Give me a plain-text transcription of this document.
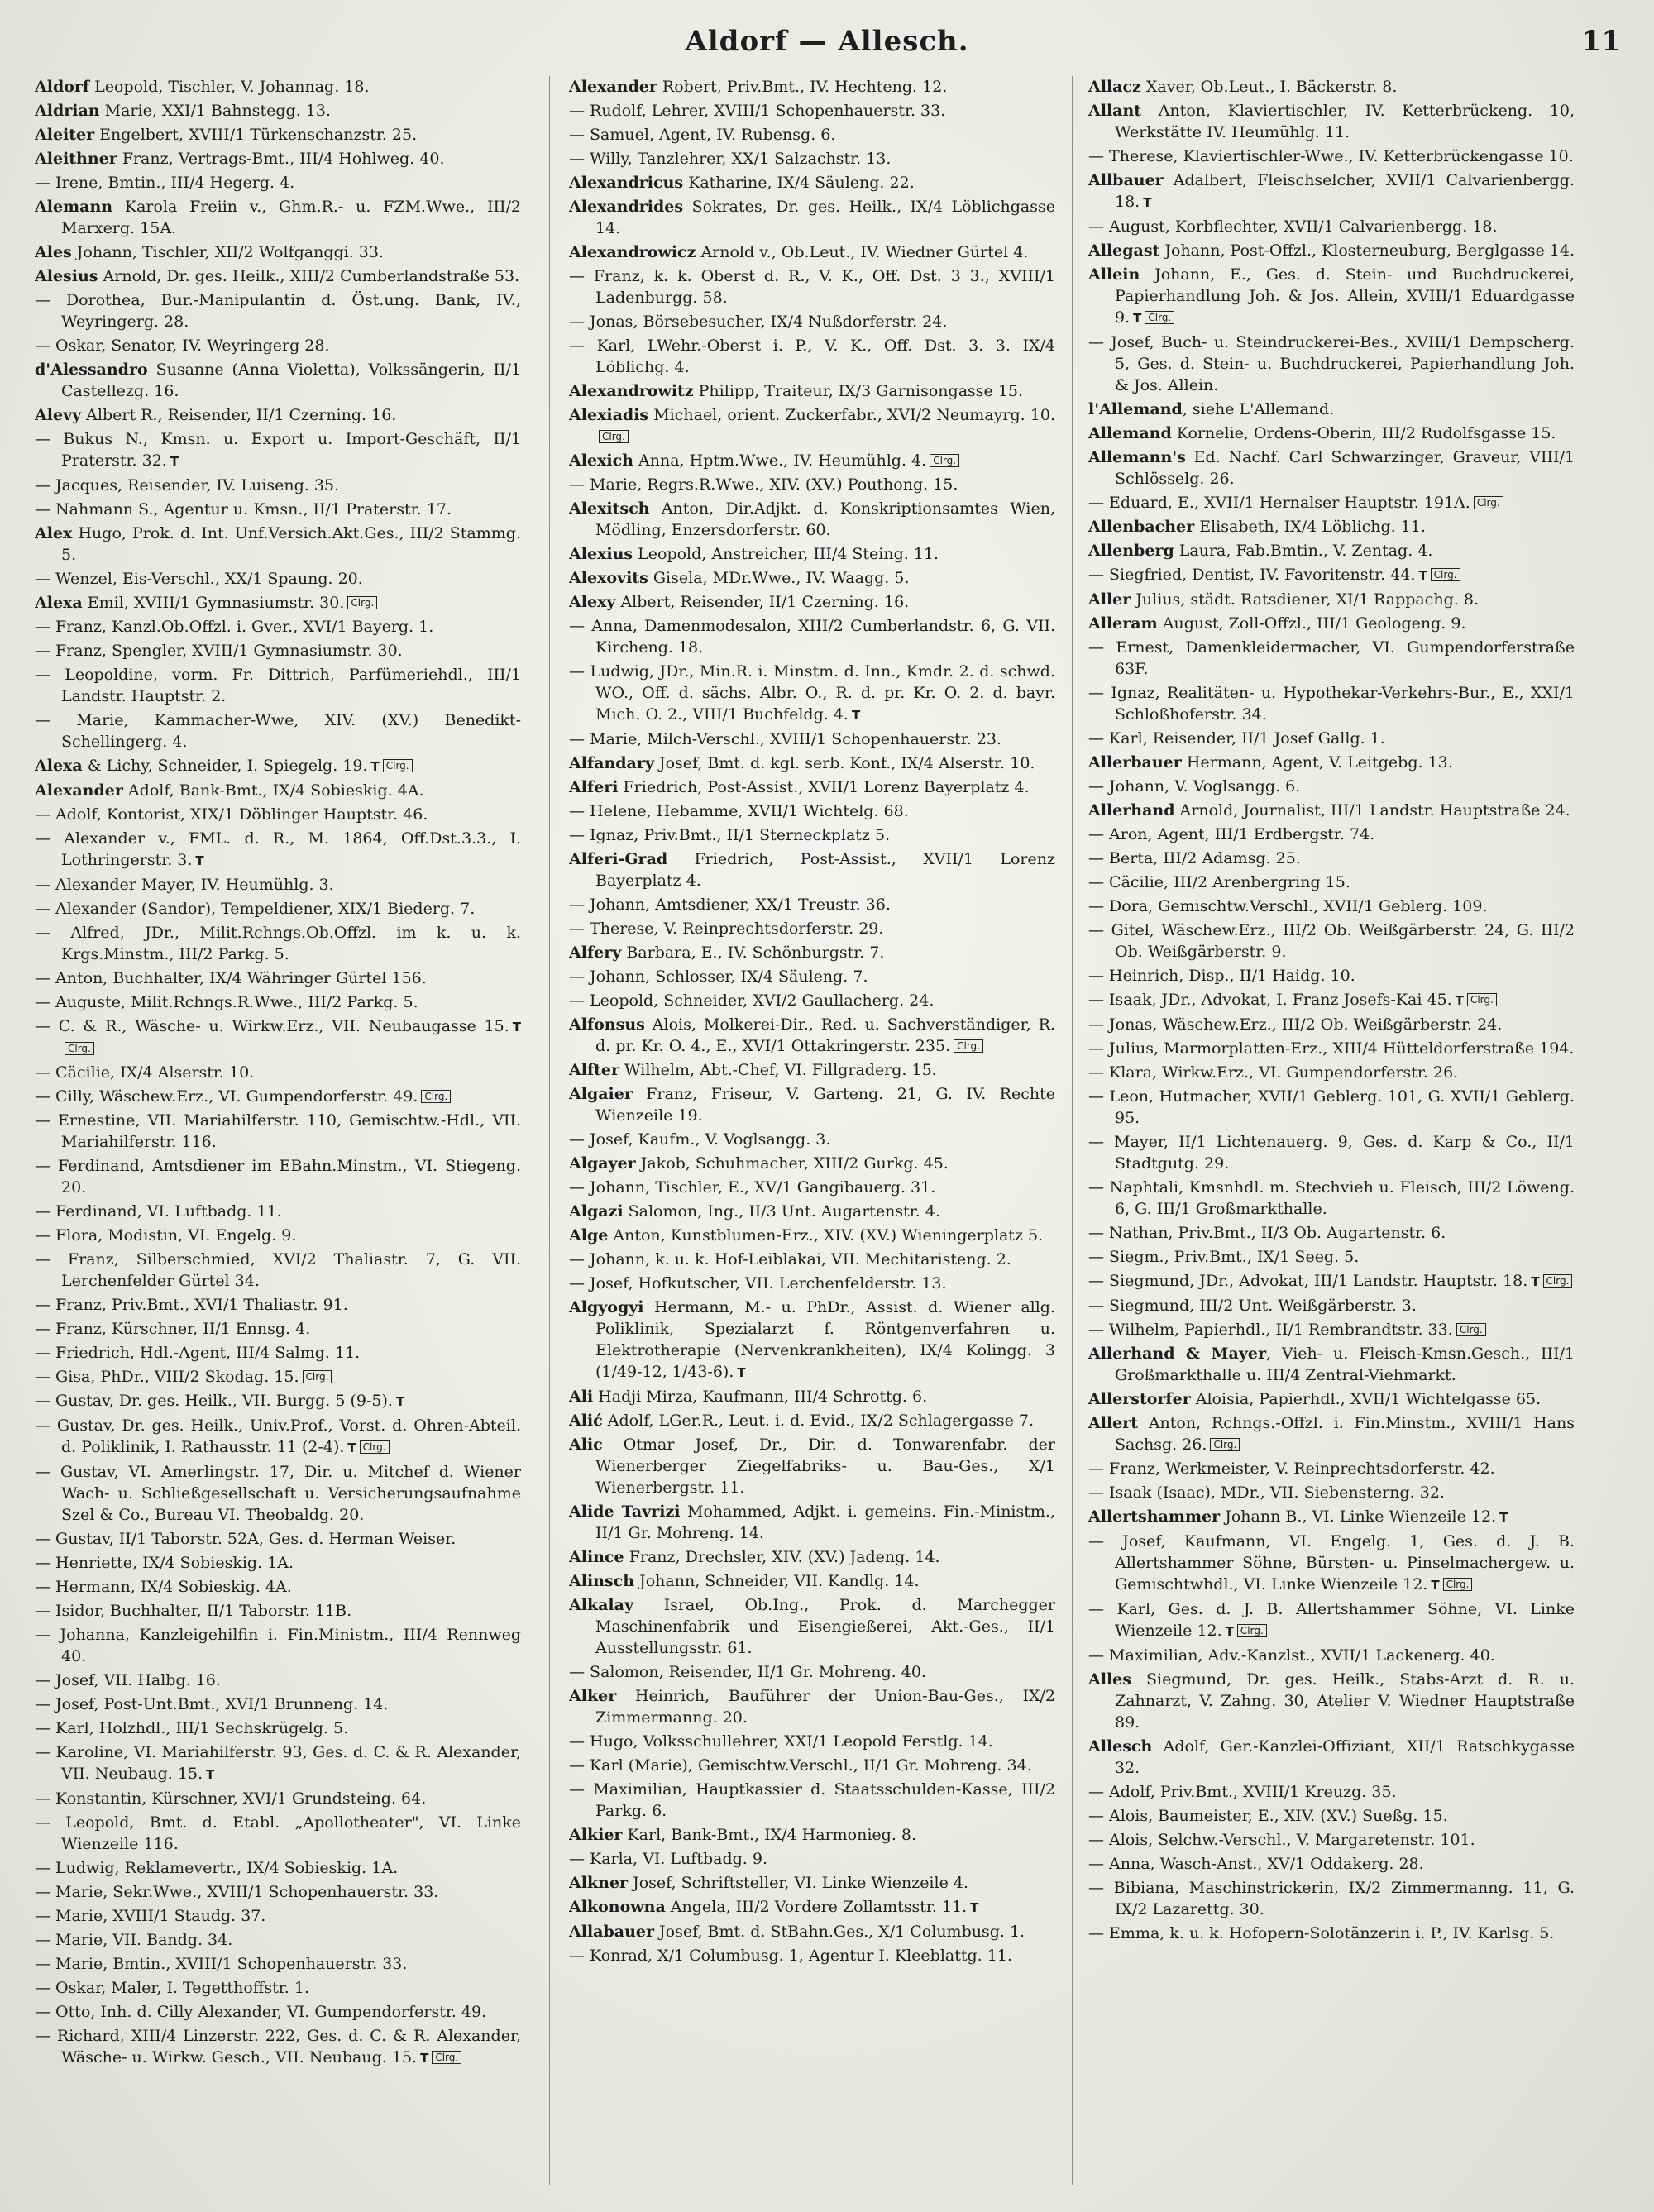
Aldorf — Allesch.	11
Aldorf Leopold, Tischler, V. Johannag. 18.
Aldrian Marie, XXI/1 Bahnstegg. 13.
Aleiter Engelbert, XVIII/1 Türkenschanzstr. 25.
Aleithner Franz, Vertrags-Bmt., III/4 Hohlweg. 40.
— Irene, Bmtin., III/4 Hegerg. 4.
Alemann Karola Freiin v., Ghm.R.- u. FZM.Wwe., III/2 Marxerg. 15A.
Ales Johann, Tischler, XII/2 Wolfganggi. 33.
Alesius Arnold, Dr. ges. Heilk., XIII/2 Cumberlandstraße 53.
— Dorothea, Bur.-Manipulantin d. Öst.ung. Bank, IV., Weyringerg. 28.
— Oskar, Senator, IV. Weyringerg 28.
d'Alessandro Susanne (Anna Violetta), Volkssängerin, II/1 Castellezg. 16.
Alevy Albert R., Reisender, II/1 Czerning. 16.
— Bukus N., Kmsn. u. Export u. Import-Geschäft, II/1 Praterstr. 32. T
— Jacques, Reisender, IV. Luiseng. 35.
— Nahmann S., Agentur u. Kmsn., II/1 Praterstr. 17.
Alex Hugo, Prok. d. Int. Unf.Versich.Akt.Ges., III/2 Stammg. 5.
— Wenzel, Eis-Verschl., XX/1 Spaung. 20.
Alexa Emil, XVIII/1 Gymnasiumstr. 30. Clrg.
— Franz, Kanzl.Ob.Offzl. i. Gver., XVI/1 Bayerg. 1.
— Franz, Spengler, XVIII/1 Gymnasiumstr. 30.
— Leopoldine, vorm. Fr. Dittrich, Parfümeriehdl., III/1 Landstr. Hauptstr. 2.
— Marie, Kammacher-Wwe, XIV. (XV.) Benedikt-Schellingerg. 4.
Alexa & Lichy, Schneider, I. Spiegelg. 19. T Clrg.
Alexander Adolf, Bank-Bmt., IX/4 Sobieskig. 4A.
— Adolf, Kontorist, XIX/1 Döblinger Hauptstr. 46.
— Alexander v., FML. d. R., M. 1864, Off.Dst.3.3., I. Lothringerstr. 3. T
— Alexander Mayer, IV. Heumühlg. 3.
— Alexander (Sandor), Tempeldiener, XIX/1 Biederg. 7.
— Alfred, JDr., Milit.Rchngs.Ob.Offzl. im k. u. k. Krgs.Minstm., III/2 Parkg. 5.
— Anton, Buchhalter, IX/4 Währinger Gürtel 156.
— Auguste, Milit.Rchngs.R.Wwe., III/2 Parkg. 5.
— C. & R., Wäsche- u. Wirkw.Erz., VII. Neubaugasse 15. TClrg.
— Cäcilie, IX/4 Alserstr. 10.
— Cilly, Wäschew.Erz., VI. Gumpendorferstr. 49. Clrg.
— Ernestine, VII. Mariahilferstr. 110, Gemischtw.-Hdl., VII. Mariahilferstr. 116.
— Ferdinand, Amtsdiener im EBahn.Minstm., VI. Stiegeng. 20.
— Ferdinand, VI. Luftbadg. 11.
— Flora, Modistin, VI. Engelg. 9.
— Franz, Silberschmied, XVI/2 Thaliastr. 7, G. VII. Lerchenfelder Gürtel 34.
— Franz, Priv.Bmt., XVI/1 Thaliastr. 91.
— Franz, Kürschner, II/1 Ennsg. 4.
— Friedrich, Hdl.-Agent, III/4 Salmg. 11.
— Gisa, PhDr., VIII/2 Skodag. 15. Clrg.
— Gustav, Dr. ges. Heilk., VII. Burgg. 5 (9-5). T
— Gustav, Dr. ges. Heilk., Univ.Prof., Vorst. d. Ohren-Abteil. d. Poliklinik, I. Rathausstr. 11 (2-4). T Clrg.
— Gustav, VI. Amerlingstr. 17, Dir. u. Mitchef d. Wiener Wach- u. Schließgesellschaft u. Versicherungsaufnahme Szel & Co., Bureau VI. Theobaldg. 20.
— Gustav, II/1 Taborstr. 52A, Ges. d. Herman Weiser.
— Henriette, IX/4 Sobieskig. 1A.
— Hermann, IX/4 Sobieskig. 4A.
— Isidor, Buchhalter, II/1 Taborstr. 11B.
— Johanna, Kanzleigehilfin i. Fin.Ministm., III/4 Rennweg 40.
— Josef, VII. Halbg. 16.
— Josef, Post-Unt.Bmt., XVI/1 Brunneng. 14.
— Karl, Holzhdl., III/1 Sechskrügelg. 5.
— Karoline, VI. Mariahilferstr. 93, Ges. d. C. & R. Alexander, VII. Neubaug. 15. T
— Konstantin, Kürschner, XVI/1 Grundsteing. 64.
— Leopold, Bmt. d. Etabl. „Apollotheater", VI. Linke Wienzeile 116.
— Ludwig, Reklamevertr., IX/4 Sobieskig. 1A.
— Marie, Sekr.Wwe., XVIII/1 Schopenhauerstr. 33.
— Marie, XVIII/1 Staudg. 37.
— Marie, VII. Bandg. 34.
— Marie, Bmtin., XVIII/1 Schopenhauerstr. 33.
— Oskar, Maler, I. Tegetthoffstr. 1.
— Otto, Inh. d. Cilly Alexander, VI. Gumpendorferstr. 49.
— Richard, XIII/4 Linzerstr. 222, Ges. d. C. & R. Alexander, Wäsche- u. Wirkw. Gesch., VII. Neubaug. 15. T Clrg.
Alexander Robert, Priv.Bmt., IV. Hechteng. 12.
— Rudolf, Lehrer, XVIII/1 Schopenhauerstr. 33.
— Samuel, Agent, IV. Rubensg. 6.
— Willy, Tanzlehrer, XX/1 Salzachstr. 13.
Alexandricus Katharine, IX/4 Säuleng. 22.
Alexandrides Sokrates, Dr. ges. Heilk., IX/4 Löblichgasse 14.
Alexandrowicz Arnold v., Ob.Leut., IV. Wiedner Gürtel 4.
— Franz, k. k. Oberst d. R., V. K., Off. Dst. 3 3., XVIII/1 Ladenburgg. 58.
— Jonas, Börsebesucher, IX/4 Nußdorferstr. 24.
— Karl, LWehr.-Oberst i. P., V. K., Off. Dst. 3. 3. IX/4 Löblichg. 4.
Alexandrowitz Philipp, Traiteur, IX/3 Garnisongasse 15.
Alexiadis Michael, orient. Zuckerfabr., XVI/2 Neumayrg. 10.Clrg.
Alexich Anna, Hptm.Wwe., IV. Heumühlg. 4. Clrg.
— Marie, Regrs.R.Wwe., XIV. (XV.) Pouthong. 15.
Alexitsch Anton, Dir.Adjkt. d. Konskriptionsamtes Wien, Mödling, Enzersdorferstr. 60.
Alexius Leopold, Anstreicher, III/4 Steing. 11.
Alexovits Gisela, MDr.Wwe., IV. Waagg. 5.
Alexy Albert, Reisender, II/1 Czerning. 16.
— Anna, Damenmodesalon, XIII/2 Cumberlandstr. 6, G. VII. Kircheng. 18.
— Ludwig, JDr., Min.R. i. Minstm. d. Inn., Kmdr. 2. d. schwd. WO., Off. d. sächs. Albr. O., R. d. pr. Kr. O. 2. d. bayr. Mich. O. 2., VIII/1 Buchfeldg. 4. T
— Marie, Milch-Verschl., XVIII/1 Schopenhauerstr. 23.
Alfandary Josef, Bmt. d. kgl. serb. Konf., IX/4 Alserstr. 10.
Alferi Friedrich, Post-Assist., XVII/1 Lorenz Bayerplatz 4.
— Helene, Hebamme, XVII/1 Wichtelg. 68.
— Ignaz, Priv.Bmt., II/1 Sterneckplatz 5.
Alferi-Grad Friedrich, Post-Assist., XVII/1 Lorenz Bayerplatz 4.
— Johann, Amtsdiener, XX/1 Treustr. 36.
— Therese, V. Reinprechtsdorferstr. 29.
Alfery Barbara, E., IV. Schönburgstr. 7.
— Johann, Schlosser, IX/4 Säuleng. 7.
— Leopold, Schneider, XVI/2 Gaullacherg. 24.
Alfonsus Alois, Molkerei-Dir., Red. u. Sachverständiger, R. d. pr. Kr. O. 4., E., XVI/1 Ottakringerstr. 235. Clrg.
Alfter Wilhelm, Abt.-Chef, VI. Fillgraderg. 15.
Algaier Franz, Friseur, V. Garteng. 21, G. IV. Rechte Wienzeile 19.
— Josef, Kaufm., V. Voglsangg. 3.
Algayer Jakob, Schuhmacher, XIII/2 Gurkg. 45.
— Johann, Tischler, E., XV/1 Gangibauerg. 31.
Algazi Salomon, Ing., II/3 Unt. Augartenstr. 4.
Alge Anton, Kunstblumen-Erz., XIV. (XV.) Wieningerplatz 5.
— Johann, k. u. k. Hof-Leiblakai, VII. Mechitaristeng. 2.
— Josef, Hofkutscher, VII. Lerchenfelderstr. 13.
Algyogyi Hermann, M.- u. PhDr., Assist. d. Wiener allg. Poliklinik, Spezialarzt f. Röntgenverfahren u. Elektrotherapie (Nervenkrankheiten), IX/4 Kolingg. 3 (1/49-12, 1/43-6). T
Ali Hadji Mirza, Kaufmann, III/4 Schrottg. 6.
Alić Adolf, LGer.R., Leut. i. d. Evid., IX/2 Schlagergasse 7.
Alic Otmar Josef, Dr., Dir. d. Tonwarenfabr. der Wienerberger Ziegelfabriks- u. Bau-Ges., X/1 Wienerbergstr. 11.
Alide Tavrizi Mohammed, Adjkt. i. gemeins. Fin.-Ministm., II/1 Gr. Mohreng. 14.
Alince Franz, Drechsler, XIV. (XV.) Jadeng. 14.
Alinsch Johann, Schneider, VII. Kandlg. 14.
Alkalay Israel, Ob.Ing., Prok. d. Marchegger Maschinenfabrik und Eisengießerei, Akt.-Ges., II/1 Ausstellungsstr. 61.
— Salomon, Reisender, II/1 Gr. Mohreng. 40.
Alker Heinrich, Bauführer der Union-Bau-Ges., IX/2 Zimmermanng. 20.
— Hugo, Volksschullehrer, XXI/1 Leopold Ferstlg. 14.
— Karl (Marie), Gemischtw.Verschl., II/1 Gr. Mohreng. 34.
— Maximilian, Hauptkassier d. Staatsschulden-Kasse, III/2 Parkg. 6.
Alkier Karl, Bank-Bmt., IX/4 Harmonieg. 8.
— Karla, VI. Luftbadg. 9.
Alkner Josef, Schriftsteller, VI. Linke Wienzeile 4.
Alkonowna Angela, III/2 Vordere Zollamtsstr. 11. T
Allabauer Josef, Bmt. d. StBahn.Ges., X/1 Columbusg. 1.
— Konrad, X/1 Columbusg. 1, Agentur I. Kleeblattg. 11.
Allacz Xaver, Ob.Leut., I. Bäckerstr. 8.
Allant Anton, Klaviertischler, IV. Ketterbrückeng. 10, Werkstätte IV. Heumühlg. 11.
— Therese, Klaviertischler-Wwe., IV. Ketterbrückengasse 10.
Allbauer Adalbert, Fleischselcher, XVII/1 Calvarienbergg. 18. T
— August, Korbflechter, XVII/1 Calvarienbergg. 18.
Allegast Johann, Post-Offzl., Klosterneuburg, Berglgasse 14.
Allein Johann, E., Ges. d. Stein- und Buchdruckerei, Papierhandlung Joh. & Jos. Allein, XVIII/1 Eduardgasse 9. T Clrg.
— Josef, Buch- u. Steindruckerei-Bes., XVIII/1 Dempscherg. 5, Ges. d. Stein- u. Buchdruckerei, Papierhandlung Joh. & Jos. Allein.
l'Allemand, siehe L'Allemand.
Allemand Kornelie, Ordens-Oberin, III/2 Rudolfsgasse 15.
Allemann's Ed. Nachf. Carl Schwarzinger, Graveur, VIII/1 Schlösselg. 26.
— Eduard, E., XVII/1 Hernalser Hauptstr. 191A. Clrg.
Allenbacher Elisabeth, IX/4 Löblichg. 11.
Allenberg Laura, Fab.Bmtin., V. Zentag. 4.
— Siegfried, Dentist, IV. Favoritenstr. 44. T Clrg.
Aller Julius, städt. Ratsdiener, XI/1 Rappachg. 8.
Alleram August, Zoll-Offzl., III/1 Geologeng. 9.
— Ernest, Damenkleidermacher, VI. Gumpendorferstraße 63F.
— Ignaz, Realitäten- u. Hypothekar-Verkehrs-Bur., E., XXI/1 Schloßhoferstr. 34.
— Karl, Reisender, II/1 Josef Gallg. 1.
Allerbauer Hermann, Agent, V. Leitgebg. 13.
— Johann, V. Voglsangg. 6.
Allerhand Arnold, Journalist, III/1 Landstr. Hauptstraße 24.
— Aron, Agent, III/1 Erdbergstr. 74.
— Berta, III/2 Adamsg. 25.
— Cäcilie, III/2 Arenbergring 15.
— Dora, Gemischtw.Verschl., XVII/1 Geblerg. 109.
— Gitel, Wäschew.Erz., III/2 Ob. Weißgärberstr. 24, G. III/2 Ob. Weißgärberstr. 9.
— Heinrich, Disp., II/1 Haidg. 10.
— Isaak, JDr., Advokat, I. Franz Josefs-Kai 45. T Clrg.
— Jonas, Wäschew.Erz., III/2 Ob. Weißgärberstr. 24.
— Julius, Marmorplatten-Erz., XIII/4 Hütteldorferstraße 194.
— Klara, Wirkw.Erz., VI. Gumpendorferstr. 26.
— Leon, Hutmacher, XVII/1 Geblerg. 101, G. XVII/1 Geblerg. 95.
— Mayer, II/1 Lichtenauerg. 9, Ges. d. Karp & Co., II/1 Stadtgutg. 29.
— Naphtali, Kmsnhdl. m. Stechvieh u. Fleisch, III/2 Löweng. 6, G. III/1 Großmarkthalle.
— Nathan, Priv.Bmt., II/3 Ob. Augartenstr. 6.
— Siegm., Priv.Bmt., IX/1 Seeg. 5.
— Siegmund, JDr., Advokat, III/1 Landstr. Hauptstr. 18. T Clrg.
— Siegmund, III/2 Unt. Weißgärberstr. 3.
— Wilhelm, Papierhdl., II/1 Rembrandtstr. 33. Clrg.
Allerhand & Mayer, Vieh- u. Fleisch-Kmsn.Gesch., III/1 Großmarkthalle u. III/4 Zentral-Viehmarkt.
Allerstorfer Aloisia, Papierhdl., XVII/1 Wichtelgasse 65.
Allert Anton, Rchngs.-Offzl. i. Fin.Minstm., XVIII/1 Hans Sachsg. 26. Clrg.
— Franz, Werkmeister, V. Reinprechtsdorferstr. 42.
— Isaak (Isaac), MDr., VII. Siebensterng. 32.
Allertshammer Johann B., VI. Linke Wienzeile 12. T
— Josef, Kaufmann, VI. Engelg. 1, Ges. d. J. B. Allertshammer Söhne, Bürsten- u. Pinselmachergew. u. Gemischtwhdl., VI. Linke Wienzeile 12. T Clrg.
— Karl, Ges. d. J. B. Allertshammer Söhne, VI. Linke Wienzeile 12. T Clrg.
— Maximilian, Adv.-Kanzlst., XVII/1 Lackenerg. 40.
Alles Siegmund, Dr. ges. Heilk., Stabs-Arzt d. R. u. Zahnarzt, V. Zahng. 30, Atelier V. Wiedner Hauptstraße 89.
Allesch Adolf, Ger.-Kanzlei-Offiziant, XII/1 Ratschkygasse 32.
— Adolf, Priv.Bmt., XVIII/1 Kreuzg. 35.
— Alois, Baumeister, E., XIV. (XV.) Sueßg. 15.
— Alois, Selchw.-Verschl., V. Margaretenstr. 101.
— Anna, Wasch-Anst., XV/1 Oddakerg. 28.
— Bibiana, Maschinstrickerin, IX/2 Zimmermanng. 11, G. IX/2 Lazarettg. 30.
— Emma, k. u. k. Hofopern-Solotänzerin i. P., IV. Karlsg. 5.
